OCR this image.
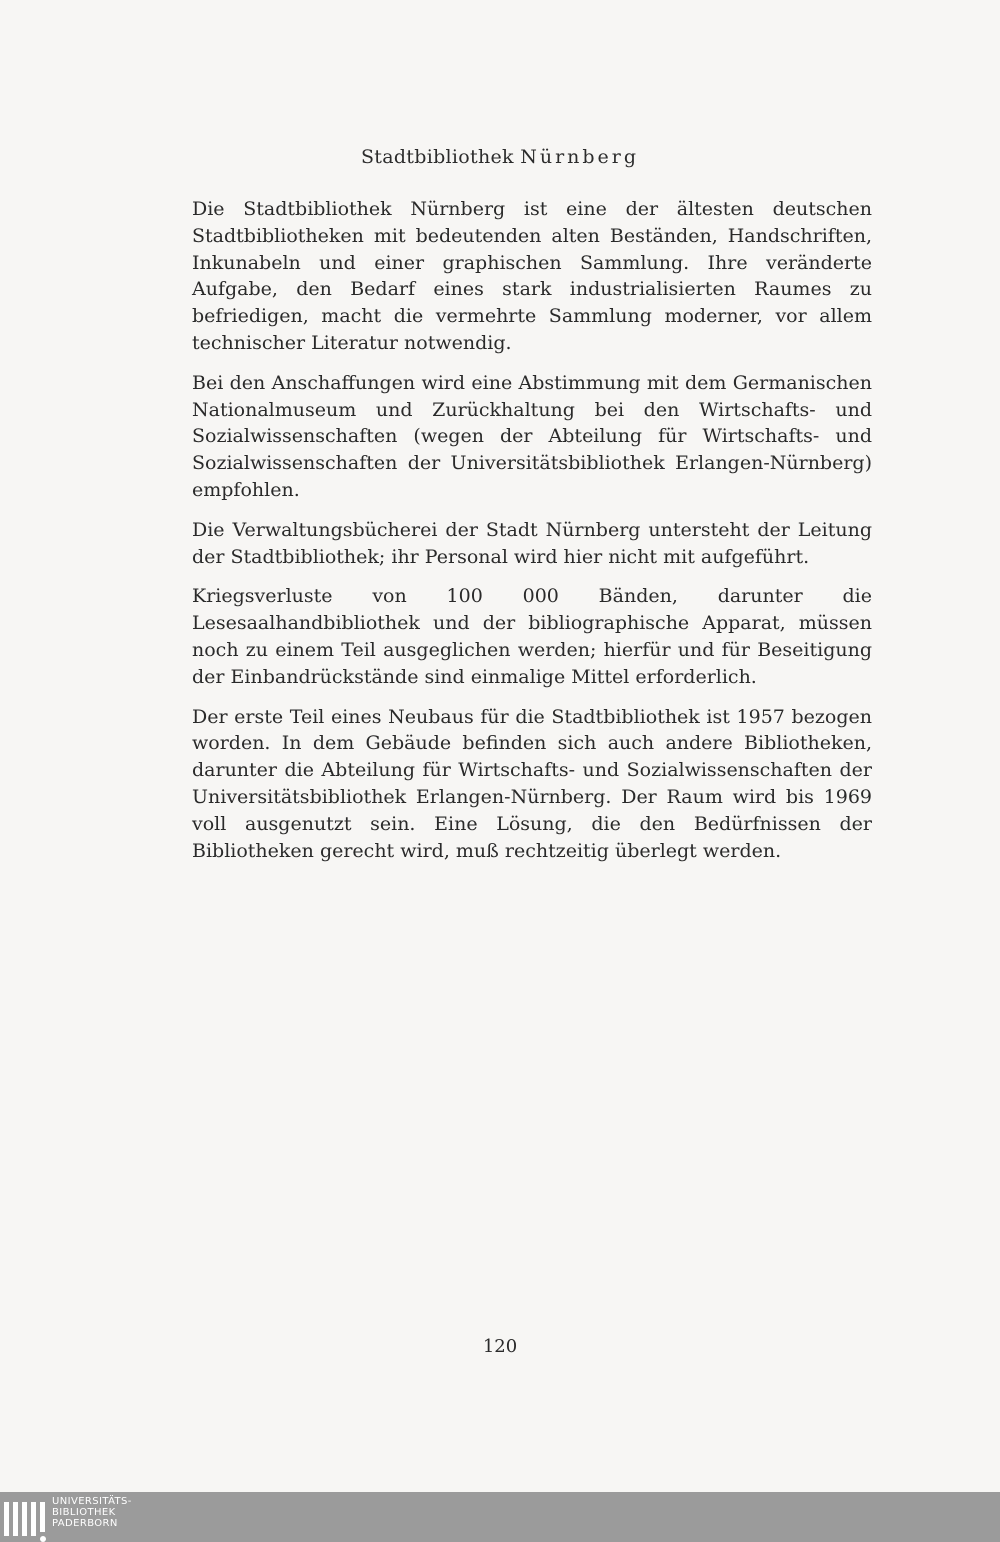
Stadtbibliothek Nürnberg

Die Stadtbibliothek Nürnberg ist eine der ältesten deutschen Stadtbibliotheken mit bedeutenden alten Beständen, Handschriften, Inkunabeln und einer graphischen Sammlung. Ihre veränderte Aufgabe, den Bedarf eines stark industrialisierten Raumes zu befriedigen, macht die vermehrte Sammlung moderner, vor allem technischer Literatur notwendig.

Bei den Anschaffungen wird eine Abstimmung mit dem Germanischen Nationalmuseum und Zurückhaltung bei den Wirtschafts- und Sozialwissenschaften (wegen der Abteilung für Wirtschafts- und Sozialwissenschaften der Universitätsbibliothek Erlangen-Nürnberg) empfohlen.

Die Verwaltungsbücherei der Stadt Nürnberg untersteht der Leitung der Stadtbibliothek; ihr Personal wird hier nicht mit aufgeführt.

Kriegsverluste von 100 000 Bänden, darunter die Lesesaalhandbibliothek und der bibliographische Apparat, müssen noch zu einem Teil ausgeglichen werden; hierfür und für Beseitigung der Einbandrückstände sind einmalige Mittel erforderlich.

Der erste Teil eines Neubaus für die Stadtbibliothek ist 1957 bezogen worden. In dem Gebäude befinden sich auch andere Bibliotheken, darunter die Abteilung für Wirtschafts- und Sozialwissenschaften der Universitätsbibliothek Erlangen-Nürnberg. Der Raum wird bis 1969 voll ausgenutzt sein. Eine Lösung, die den Bedürfnissen der Bibliotheken gerecht wird, muß rechtzeitig überlegt werden.

120
UNIVERSITÄTS-
BIBLIOTHEK
PADERBORN
